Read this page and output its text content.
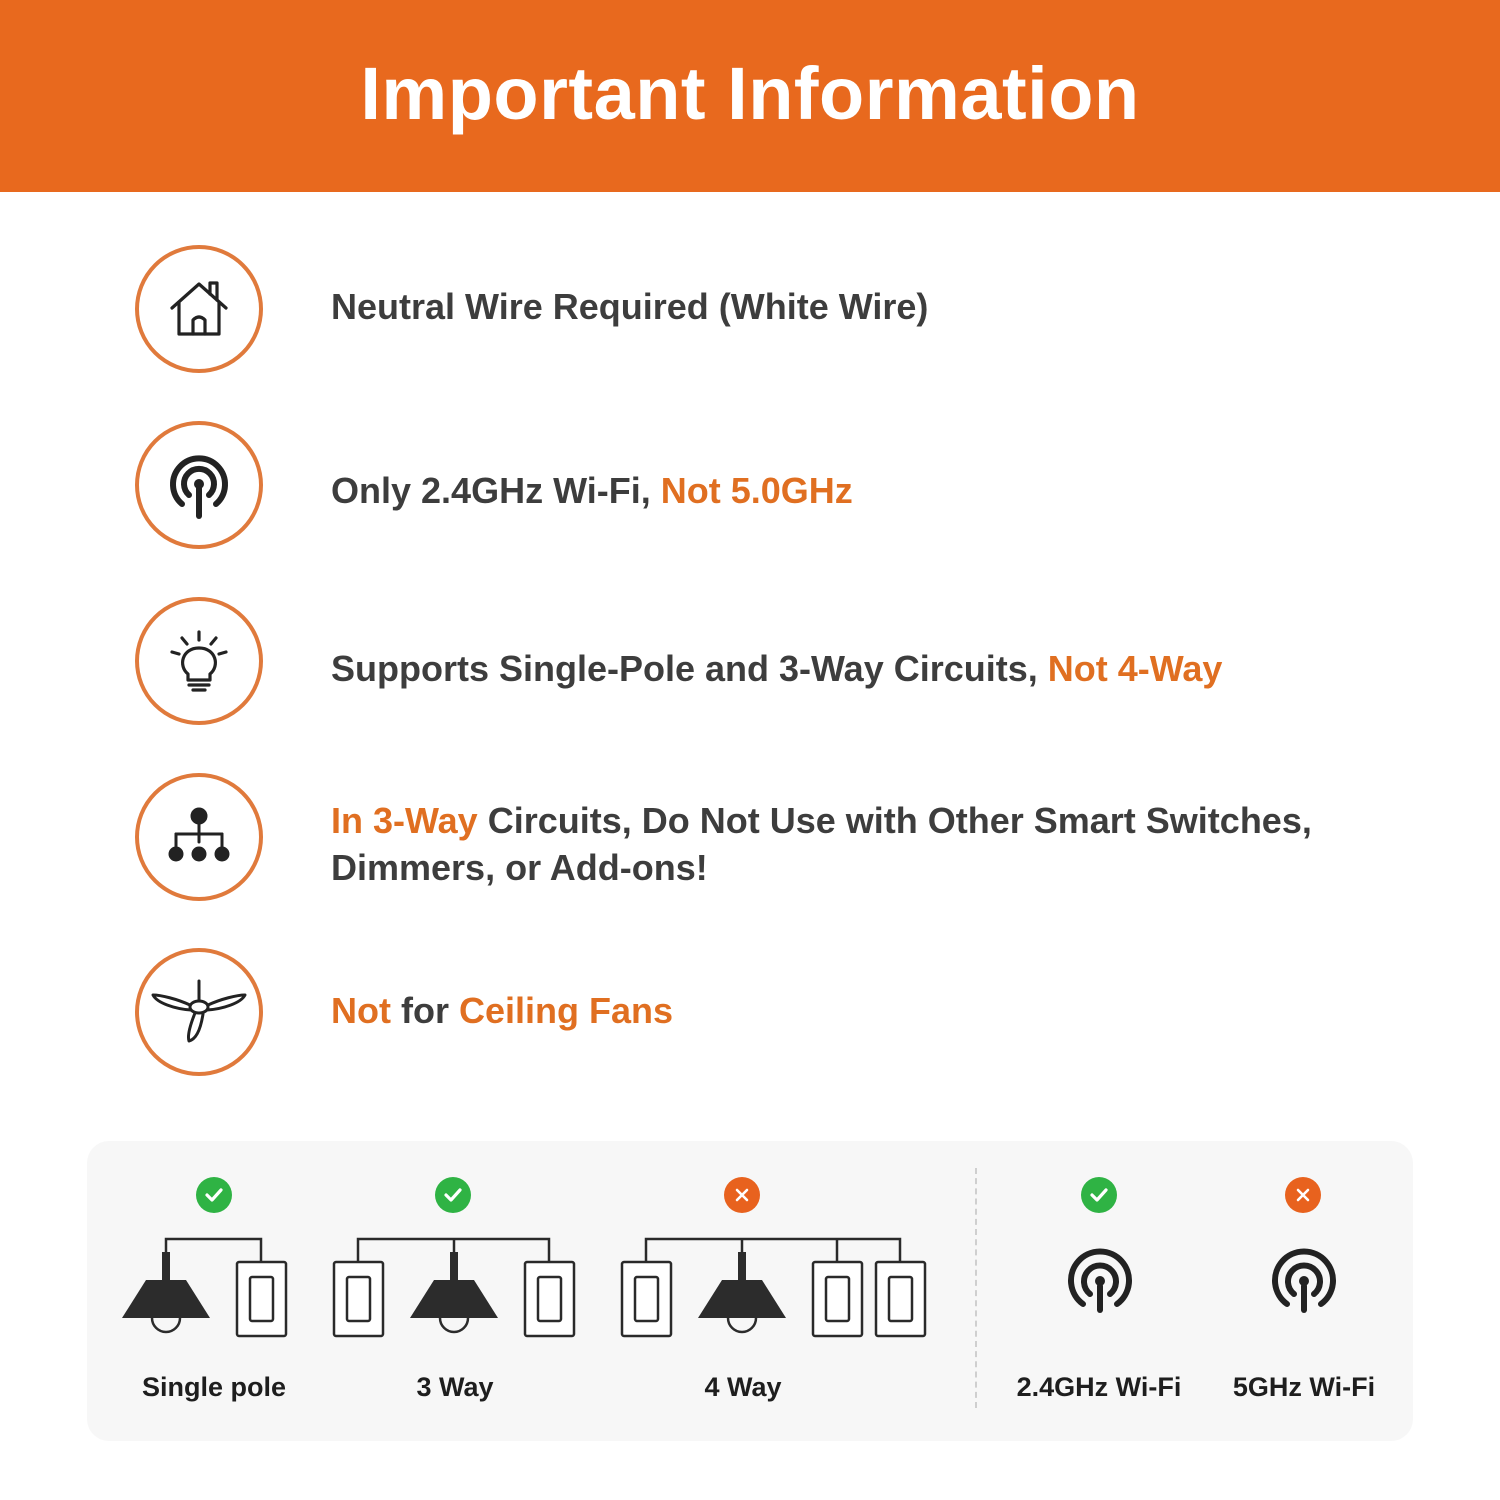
Important Information
Neutral Wire Required (White Wire)
Only 2.4GHz Wi-Fi, Not 5.0GHz
Supports Single-Pole and 3-Way Circuits, Not 4-Way
In 3-Way Circuits, Do Not Use with Other Smart Switches,
Dimmers, or Add-ons!
Not for Ceiling Fans
Single pole	3 Way	4 Way	2.4GHz Wi-Fi	5GHz Wi-Fi
